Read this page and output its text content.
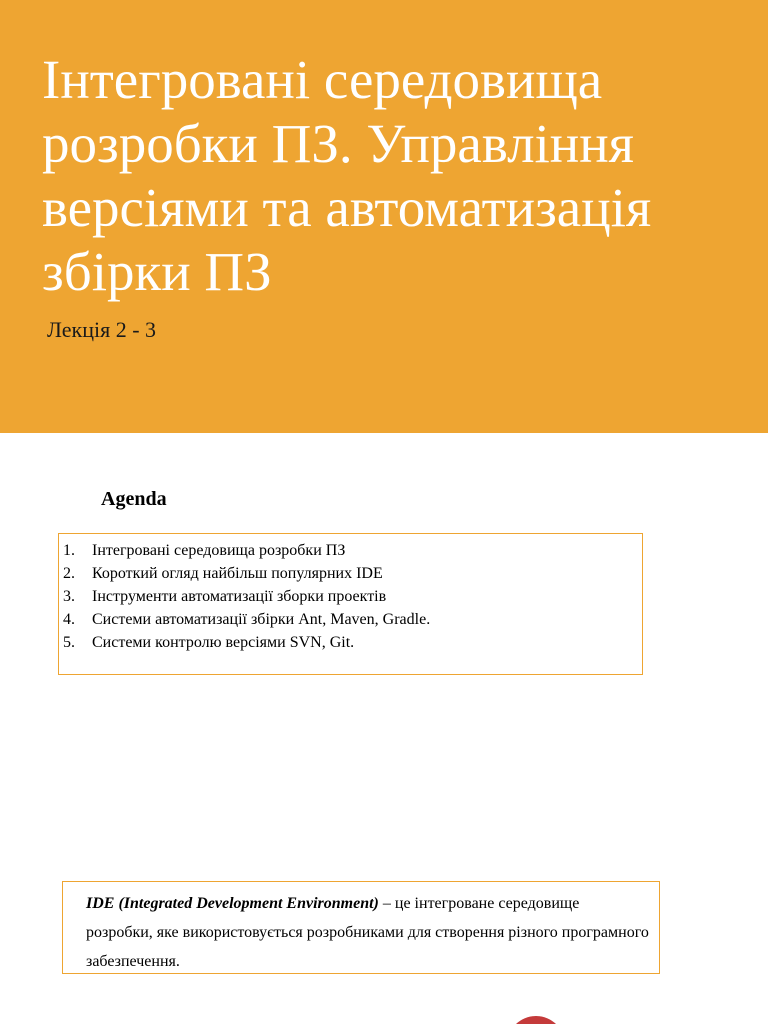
Інтегровані середовища розробки ПЗ. Управління версіями та автоматизація збірки ПЗ

Лекція 2 - 3

Agenda
1.	Інтегровані середовища розробки ПЗ
2.	Короткий огляд найбільш популярних IDE
3.	Інструменти автоматизації зборки проектів
4.	Системи автоматизації збірки Ant, Maven, Gradle.
5.	Системи контролю версіями SVN, Git.
IDE (Integrated Development Environment) – це інтегроване середовище розробки, яке використовується розробниками для створення різного програмного забезпечення.
